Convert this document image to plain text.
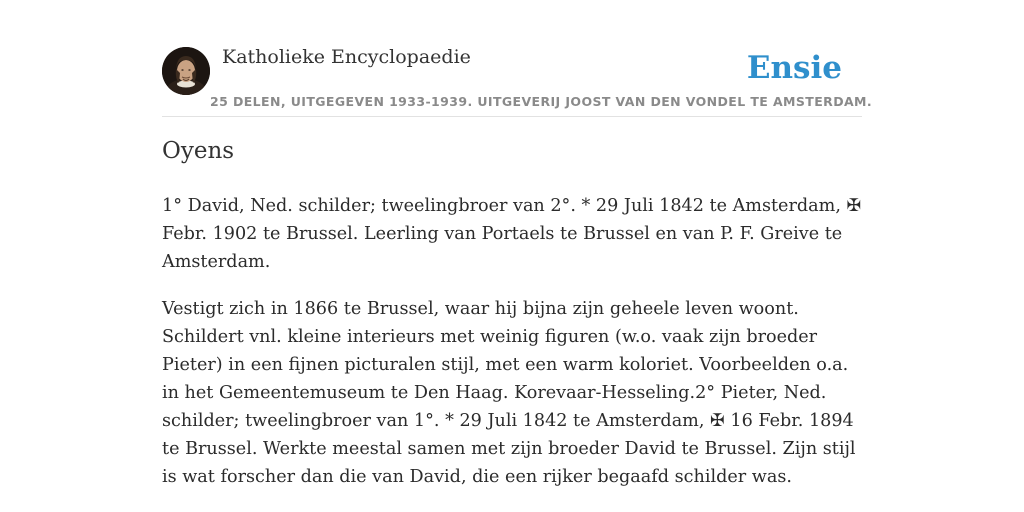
Katholieke Encyclopaedie
25 DELEN, UITGEGEVEN 1933-1939. UITGEVERIJ JOOST VAN DEN VONDEL TE AMSTERDAM.
Ensie
Oyens

1° David, Ned. schilder; tweelingbroer van 2°. * 29 Juli 1842 te Amsterdam, ✠ Febr. 1902 te Brussel. Leerling van Portaels te Brussel en van P. F. Greive te Amsterdam.

Vestigt zich in 1866 te Brussel, waar hij bijna zijn geheele leven woont. Schildert vnl. kleine interieurs met weinig figuren (w.o. vaak zijn broeder Pieter) in een fijnen picturalen stijl, met een warm koloriet. Voorbeelden o.a. in het Gemeentemuseum te Den Haag. Korevaar-Hesseling.2° Pieter, Ned. schilder; tweelingbroer van 1°. * 29 Juli 1842 te Amsterdam, ✠ 16 Febr. 1894 te Brussel. Werkte meestal samen met zijn broeder David te Brussel. Zijn stijl is wat forscher dan die van David, die een rijker begaafd schilder was.
